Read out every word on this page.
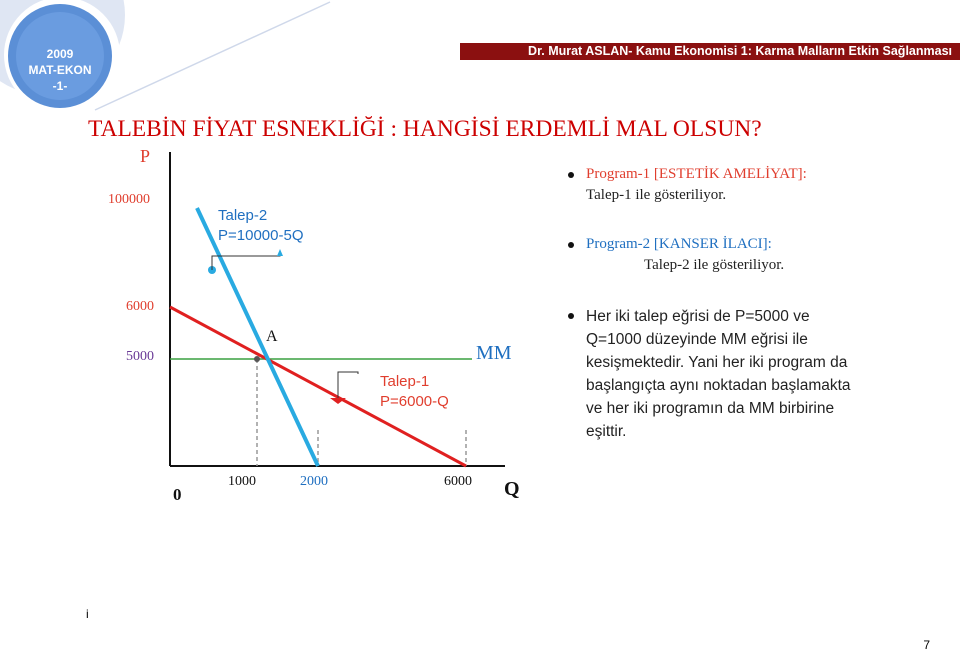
2009
MAT-EKON
-1-
Dr. Murat ASLAN- Kamu Ekonomisi 1: Karma Malların Etkin Sağlanması
TALEBİN FİYAT ESNEKLİĞİ : HANGİSİ ERDEMLİ MAL OLSUN?
P
100000
6000
5000
0
1000	2000	6000 Q
A
MM
Talep-2
P=10000-5Q
Talep-1
P=6000-Q
Program-1 [ESTETİK AMELİYAT]:
Talep-1 ile gösteriliyor.
Program-2 [KANSER İLACI]:
Talep-2 ile gösteriliyor.
Her iki talep eğrisi de P=5000 ve
Q=1000 düzeyinde MM eğrisi ile
kesişmektedir. Yani her iki program da
başlangıçta aynı noktadan başlamakta
ve her iki programın da MM birbirine
eşittir.
i
7
